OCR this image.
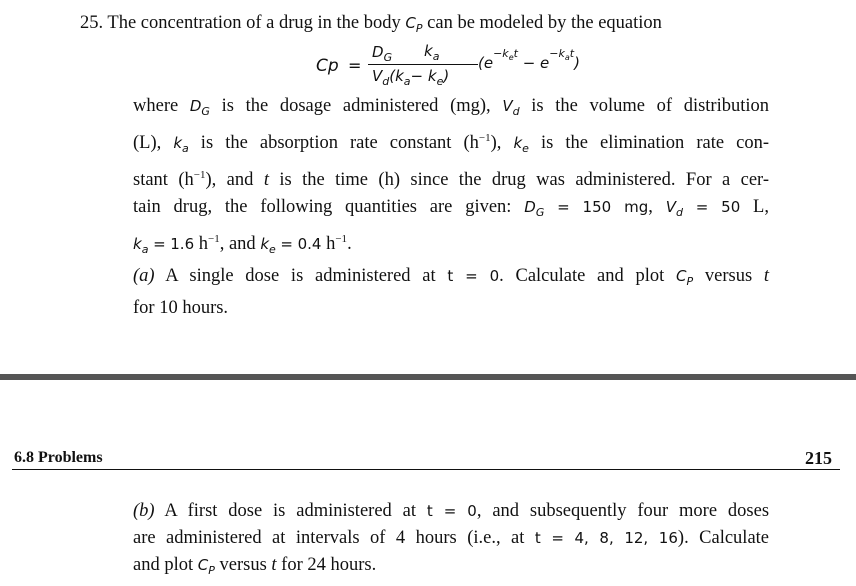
25. The concentration of a drug in the body $C_P$ can be modeled by the equation
Cp =
$D_G$ $k_a$
$V_d(k_a- k_e)$
$(e^{-k_et} - e^{-k_at})$
where $D_G$ is the dosage administered (mg), $V_d$ is the volume of distribution
(L), $k_a$ is the absorption rate constant $(h^{-1})$, $k_e$ is the elimination rate con-
stant $(h^{-1})$, and t is the time (h) since the drug was administered. For a cer-
tain drug, the following quantities are given: $D_G = 150$ mg, $V_d = 50$ L,
$k_a = 1.6$ $h^{-1}$, and $k_e = 0.4$ $h^{-1}$.
(a) A single dose is administered at t = 0. Calculate and plot $C_P$ versus t
for 10 hours.
6.8 Problems	215
(b) A first dose is administered at t = 0, and subsequently four more doses
are administered at intervals of 4 hours (i.e., at t = 4, 8, 12, 16). Calculate
and plot $C_P$ versus t for 24 hours.
